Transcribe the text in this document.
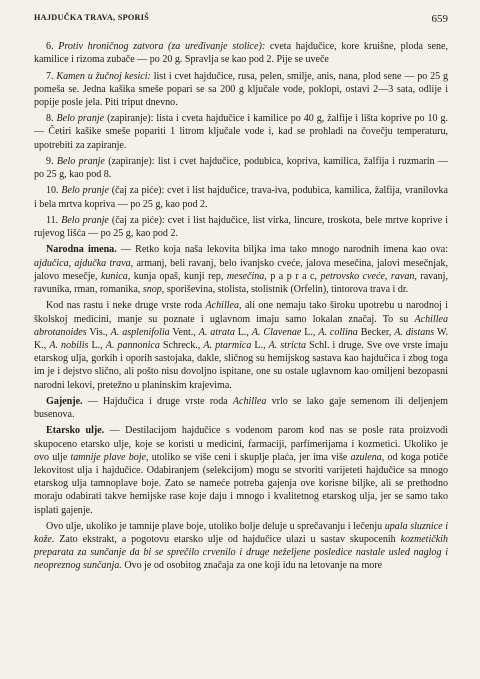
HAJDUČKA TRAVA, SPORIŠ	659

6. Protiv hroničnog zatvora (za uređivanje stolice): cveta hajdučice, kore kruišne, ploda sene, kamilice i rizoma zubače — po 20 g. Spravlja se kao pod 2. Pije se uveče

7. Kamen u žučnoj kesici: list i cvet hajdučice, rusa, pelen, smilje, anis, nana, plod sene — po 25 g pomeša se. Jedna kašika smeše popari se sa 200 g ključale vode, poklopi, ostavi 2—3 sata, odlije i popije posle jela. Piti triput dnevno.

8. Belo pranje (zapiranje): lista i cveta hajdučice i kamilice po 40 g, žalfije i lišta koprive po 10 g. — Četiri kašike smeše popariti 1 litrom ključale vode i, kad se prohladi na čovečju temperaturu, upotrebiti za zapiranje.

9. Belo pranje (zapiranje): list i cvet hajdučice, podubica, kopriva, kamilica, žalfija i ruzmarin — po 25 g, kao pod 8.

10. Belo pranje (čaj za piće): cvet i list hajdučice, trava-iva, podubica, kamilica, žalfija, vranilovka i bela mrtva kopriva — po 25 g, kao pod 2.

11. Belo pranje (čaj za piće): cvet i list hajdučice, list virka, lincure, troskota, bele mrtve koprive i rujevog lišća — po 25 g, kao pod 2.

Narodna imena. — Retko koja naša lekovita biljka ima tako mnogo narodnih imena kao ova: ajdučica, ajdučka trava, armanj, beli ravanj, belo ivanjsko cveće, jalova mesečina, jalovi mesečnjak, jalovo mesečje, kunica, kunja opaš, kunji rep, mesečina, p a p r a c, petrovsko cveće, ravan, ravanj, ravunika, rman, romanika, snop, sporiševina, stolista, stolistnik (Orfelin), tintorova trava i dr.

Kod nas rastu i neke druge vrste roda Achillea, ali one nemaju tako široku upotrebu u narodnoj i školskoj medicini, manje su poznate i uglavnom imaju samo lokalan značaj. To su Achillea abrotanoides Vis., A. asplenifolia Vent., A. atrata L., A. Clavenae L., A. collina Becker, A. distans W. K., A. nobilis L., A. pannonica Schreck., A. ptarmica L., A. stricta Schl. i druge. Sve ove vrste imaju etarskog ulja, gorkih i oporih sastojaka, dakle, sličnog su hemijskog sastava kao hajdučica i zbog toga im je i dejstvo slično, ali pošto nisu dovoljno ispitane, one su ostale uglavnom kao omiljeni bezopasni narodni lekovi, pretežno u planinskim krajevima.

Gajenje. — Hajdučica i druge vrste roda Achillea vrlo se lako gaje semenom ili deljenjem busenova.

Etarsko ulje. — Destilacijom hajdučice s vodenom parom kod nas se posle rata proizvodi skupoceno etarsko ulje, koje se koristi u medicini, farmaciji, parfimerijama i kozmetici. Ukoliko je ovo ulje tamnije plave boje, utoliko se više ceni i skuplje plaća, jer ima više azulena, od koga potiče lekovitost ulja i hajdučice. Odabiranjem (selekcijom) mogu se stvoriti varijeteti hajdučice sa mnogo etarskog ulja tamnoplave boje. Zato se nameće potreba gajenja ove korisne biljke, ali se prethodno moraju odabirati takve hemijske rase koje daju i mnogo i kvalitetnog etarskog ulja, jer se samo tako isplati gajenje.

Ovo ulje, ukoliko je tamnije plave boje, utoliko bolje deluje u sprečavanju i lečenju upala sluznice i kože. Zato ekstrakt, a pogotovu etarsko ulje od hajdučice ulazi u sastav skupocenih kozmetičkih preparata za sunčanje da bi se sprečilo crvenilo i druge neželjene posledice nastale usled naglog i neopreznog sunčanja. Ovo je od osobitog značaja za one koji idu na letovanje na more
